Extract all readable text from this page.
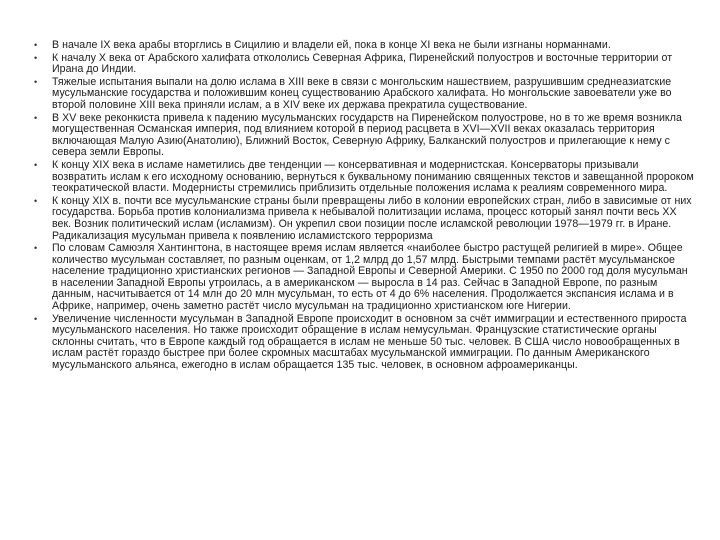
•	В начале IX века арабы вторглись в Сицилию и владели ей, пока в конце XI века не были изгнаны норманнами.
•	К началу X века от Арабского халифата откололись Северная Африка, Пиренейский полуостров и восточные территории от Ирана до Индии.
•	Тяжелые испытания выпали на долю ислама в XIII веке в связи с монгольским нашествием, разрушившим среднеазиатские мусульманские государства и положившим конец существованию Арабского халифата. Но монгольские завоеватели уже во второй половине XIII века приняли ислам, а в XIV веке их держава прекратила существование.
•	В XV веке реконкиста привела к падению мусульманских государств на Пиренейском полуострове, но в то же время возникла могущественная Османская империя, под влиянием которой в период расцвета в XVI—XVII веках оказалась территория включающая Малую Азию(Анатолию), Ближний Восток, Северную Африку, Балканский полуостров и прилегающие к нему с севера земли Европы.
•	К концу XIX века в исламе наметились две тенденции — консервативная и модернистская. Консерваторы призывали возвратить ислам к его исходному основанию, вернуться к буквальному пониманию священных текстов и завещанной пророком теократической власти. Модернисты стремились приблизить отдельные положения ислама к реалиям современного мира.
•	К концу XIX в. почти все мусульманские страны были превращены либо в колонии европейских стран, либо в зависимые от них государства. Борьба против колониализма привела к небывалой политизации ислама, процесс который занял почти весь XX век. Возник политический ислам (исламизм). Он укрепил свои позиции после исламской революции 1978—1979 гг. в Иране. Радикализация мусульман привела к появлению исламистского терроризма
•	По словам Самюэля Хантингтона, в настоящее время ислам является «наиболее быстро растущей религией в мире». Общее количество мусульман составляет, по разным оценкам, от 1,2 млрд до 1,57 млрд. Быстрыми темпами растёт мусульманское население традиционно христианских регионов — Западной Европы и Северной Америки. С 1950 по 2000 год доля мусульман в населении Западной Европы утроилась, а в американском — выросла в 14 раз. Сейчас в Западной Европе, по разным данным, насчитывается от 14 млн до 20 млн мусульман, то есть от 4 до 6% населения. Продолжается экспансия ислама и в Африке, например, очень заметно растёт число мусульман на традиционно христианском юге Нигерии.
•	Увеличение численности мусульман в Западной Европе происходит в основном за счёт иммиграции и естественного прироста мусульманского населения. Но также происходит обращение в ислам немусульман. Французские статистические органы склонны считать, что в Европе каждый год обращается в ислам не меньше 50 тыс. человек. В США число новообращенных в ислам растёт гораздо быстрее при более скромных масштабах мусульманской иммиграции. По данным Американского мусульманского альянса, ежегодно в ислам обращается 135 тыс. человек, в основном афроамериканцы.
